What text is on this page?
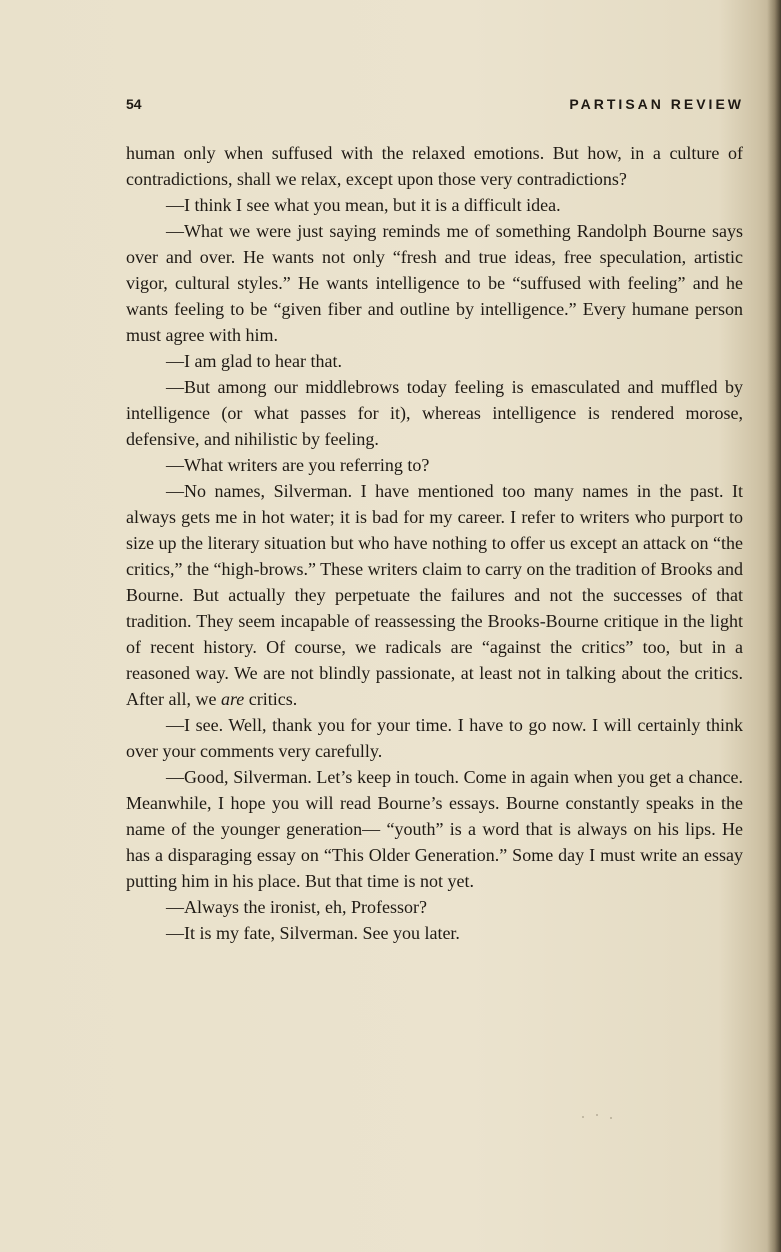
54	PARTISAN REVIEW

human only when suffused with the relaxed emotions. But how, in a culture of contradictions, shall we relax, except upon those very contradictions?

—I think I see what you mean, but it is a difficult idea.

—What we were just saying reminds me of something Randolph Bourne says over and over. He wants not only “fresh and true ideas, free speculation, artistic vigor, cultural styles.” He wants intelligence to be “suffused with feeling” and he wants feeling to be “given fiber and outline by intelligence.” Every humane person must agree with him.

—I am glad to hear that.

—But among our middlebrows today feeling is emasculated and muffled by intelligence (or what passes for it), whereas intelligence is rendered morose, defensive, and nihilistic by feeling.

—What writers are you referring to?

—No names, Silverman. I have mentioned too many names in the past. It always gets me in hot water; it is bad for my career. I refer to writers who purport to size up the literary situation but who have nothing to offer us except an attack on “the critics,” the “high-brows.” These writers claim to carry on the tradition of Brooks and Bourne. But actually they perpetuate the failures and not the successes of that tradition. They seem incapable of reassessing the Brooks-Bourne critique in the light of recent history. Of course, we radicals are “against the critics” too, but in a reasoned way. We are not blindly passionate, at least not in talking about the critics. After all, we are critics.

—I see. Well, thank you for your time. I have to go now. I will certainly think over your comments very carefully.

—Good, Silverman. Let’s keep in touch. Come in again when you get a chance. Meanwhile, I hope you will read Bourne’s essays. Bourne constantly speaks in the name of the younger generation— “youth” is a word that is always on his lips. He has a disparaging essay on “This Older Generation.” Some day I must write an essay putting him in his place. But that time is not yet.

—Always the ironist, eh, Professor?

—It is my fate, Silverman. See you later.
